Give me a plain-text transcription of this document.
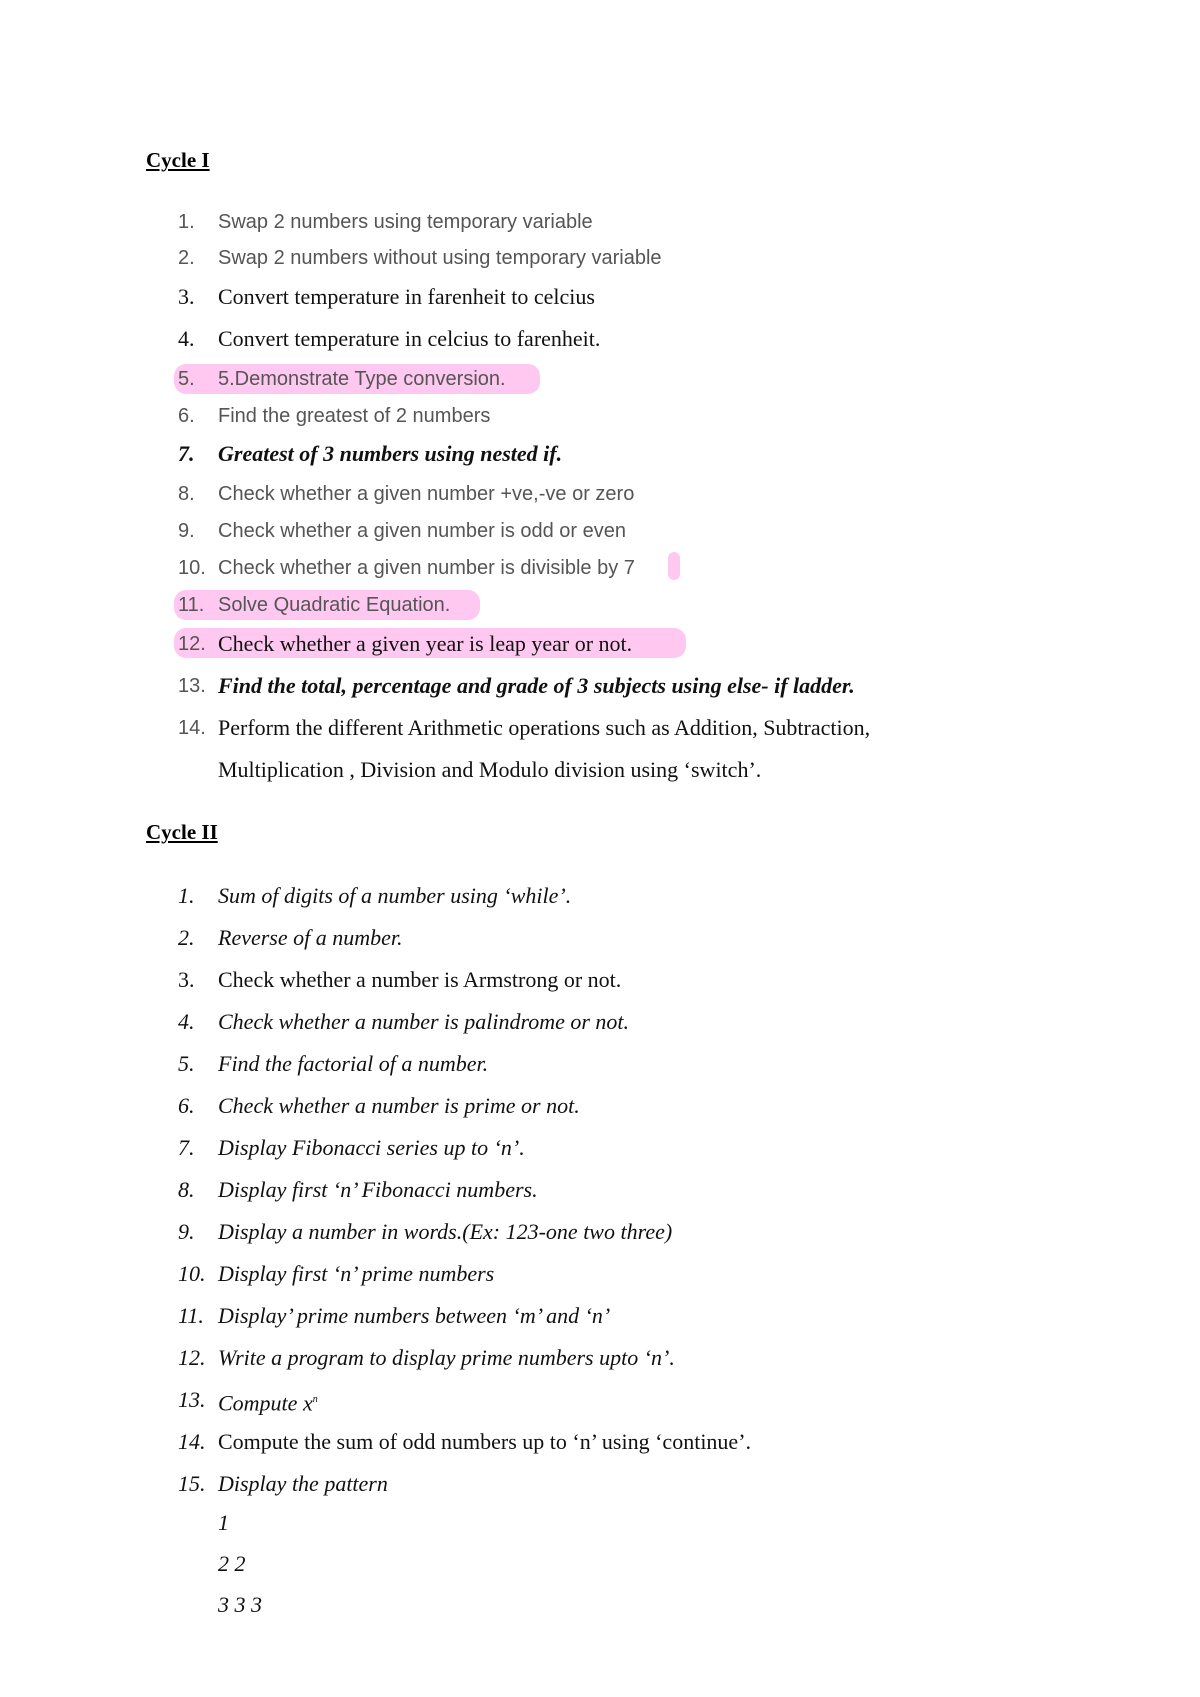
Cycle I
1.	Swap 2 numbers using temporary variable
2.	Swap 2 numbers without using temporary variable
3.	Convert temperature in farenheit to celcius
4.	Convert temperature in celcius to farenheit.
5.	5.Demonstrate Type conversion.
6.	Find the greatest of 2 numbers
7.	Greatest of 3 numbers using nested if.
8.	Check whether a given number +ve,-ve or zero
9.	Check whether a given number is odd or even
10. Check whether a given number is divisible by 7
11. Solve Quadratic Equation.
12. Check whether a given year is leap year or not.
13. Find the total, percentage and grade of 3 subjects using else- if ladder.
14. Perform the different Arithmetic operations such as Addition, Subtraction,
Multiplication , Division and Modulo division using ‘switch’.
Cycle II
1.	Sum of digits of a number using ‘while’.
2.	Reverse of a number.
3.	Check whether a number is Armstrong or not.
4.	Check whether a number is palindrome or not.
5.	Find the factorial of a number.
6.	Check whether a number is prime or not.
7.	Display Fibonacci series up to ‘n’.
8.	Display first ‘n’ Fibonacci numbers.
9.	Display a number in words.(Ex: 123-one two three)
10. Display first ‘n’ prime numbers
11. Display’ prime numbers between ‘m’ and ‘n’
12. Write a program to display prime numbers upto ‘n’.
13. Compute $x^n$
14. Compute the sum of odd numbers up to ‘n’ using ‘continue’.
15. Display the pattern
1
2 2
3 3 3
